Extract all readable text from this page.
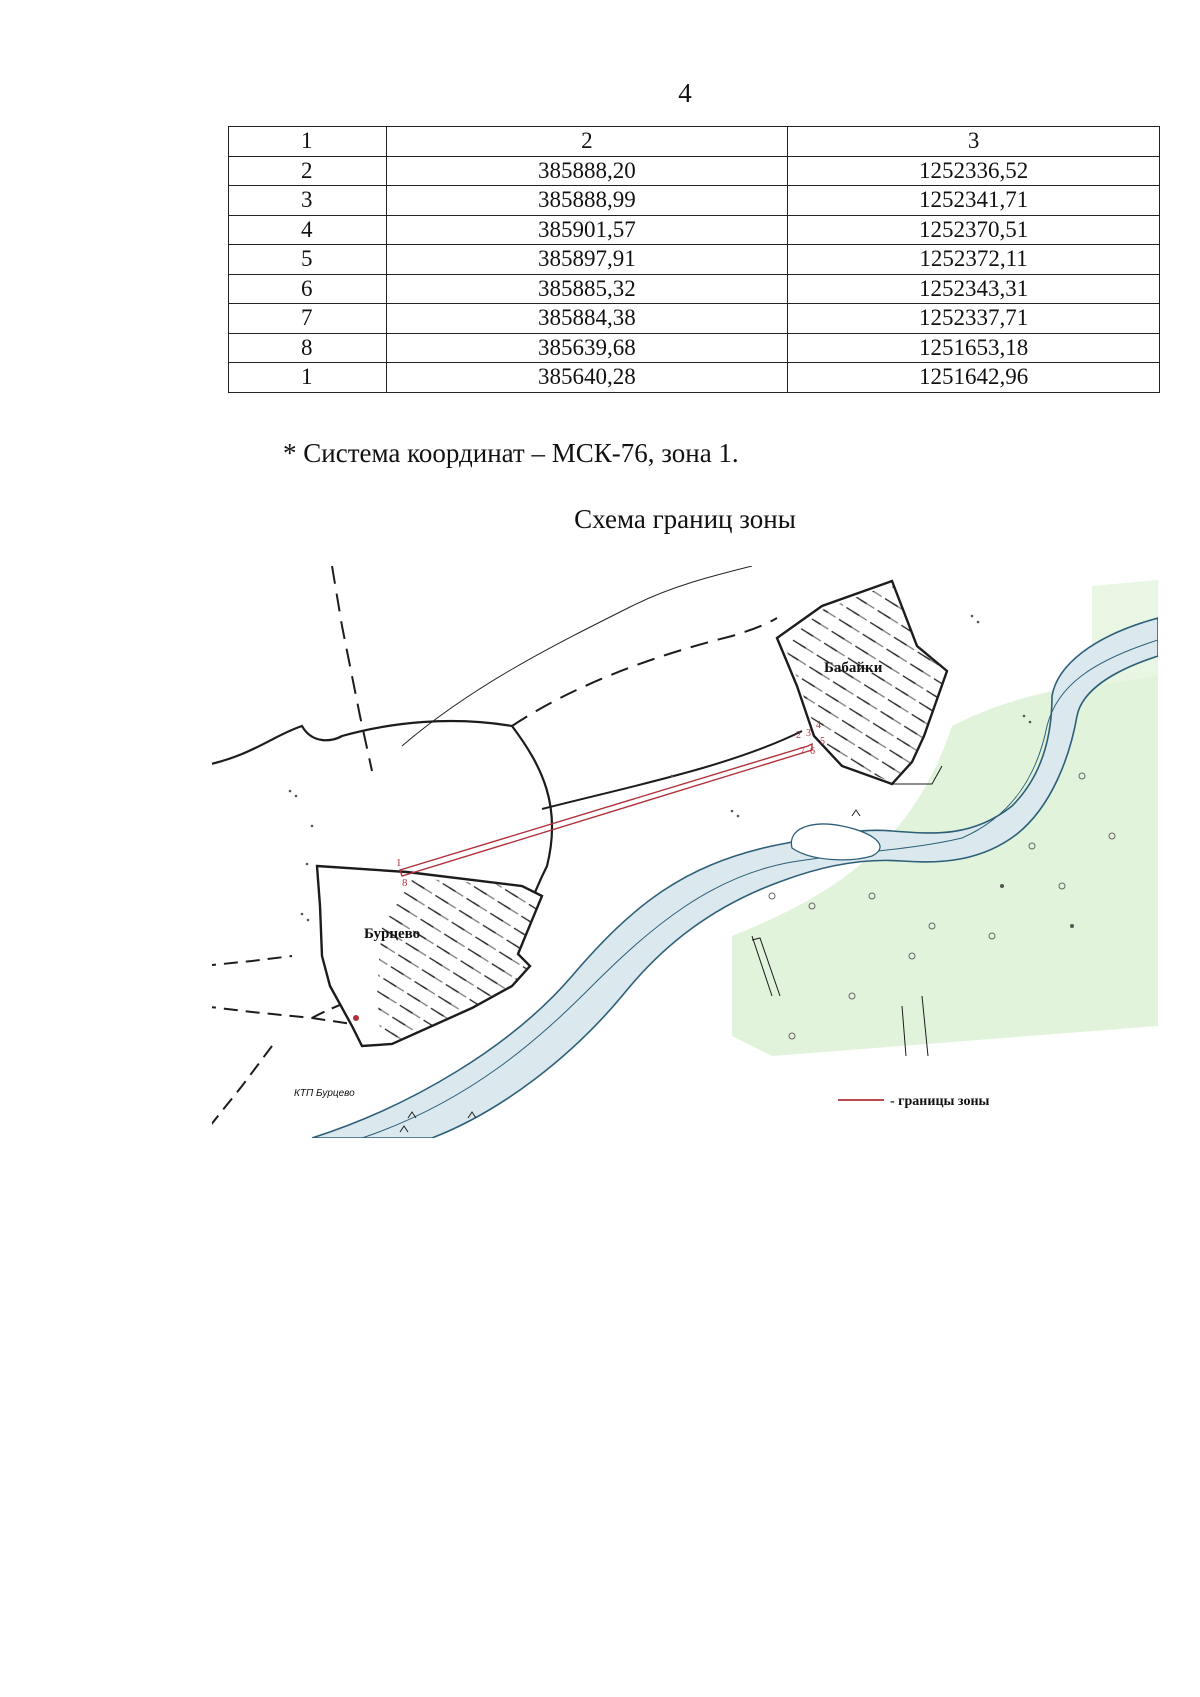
4
1	2	3
2	385888,20	1252336,52
3	385888,99	1252341,71
4	385901,57	1252370,51
5	385897,91	1252372,11
6	385885,32	1252343,31
7	385884,38	1252337,71
8	385639,68	1251653,18
1	385640,28	1251642,96
* Система координат – МСК-76, зона 1.
Схема границ зоны
1
8
2 3
4
5
6
7
Бабайки
Бурцево
КТП Бурцево
- границы зоны
